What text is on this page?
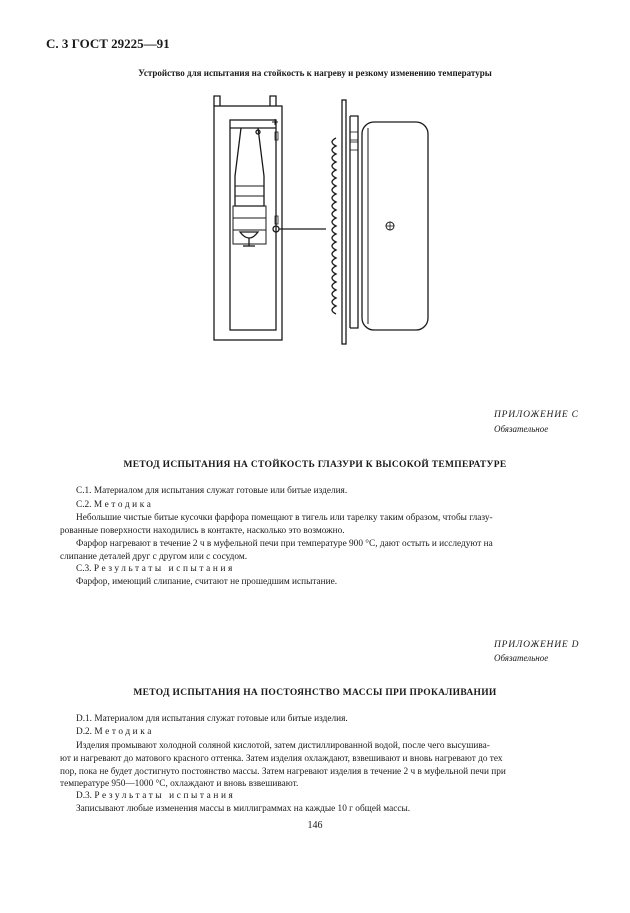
С. 3 ГОСТ 29225—91
Устройство для испытания на стойкость к нагреву и резкому изменению температуры
ПРИЛОЖЕНИЕ С
Обязательное
МЕТОД ИСПЫТАНИЯ НА СТОЙКОСТЬ ГЛАЗУРИ К ВЫСОКОЙ ТЕМПЕРАТУРЕ
С.1. Материалом для испытания служат готовые или битые изделия.
С.2. Методика
Небольшие чистые битые кусочки фарфора помещают в тигель или тарелку таким образом, чтобы глазу-
рованные поверхности находились в контакте, насколько это возможно.
Фарфор нагревают в течение 2 ч в муфельной печи при температуре 900 °С, дают остыть и исследуют на
слипание деталей друг с другом или с сосудом.
С.3. Результаты испытания
Фарфор, имеющий слипание, считают не прошедшим испытание.
ПРИЛОЖЕНИЕ D
Обязательное
МЕТОД ИСПЫТАНИЯ НА ПОСТОЯНСТВО МАССЫ ПРИ ПРОКАЛИВАНИИ
D.1. Материалом для испытания служат готовые или битые изделия.
D.2. Методика
Изделия промывают холодной соляной кислотой, затем дистиллированной водой, после чего высушива-
ют и нагревают до матового красного оттенка. Затем изделия охлаждают, взвешивают и вновь нагревают до тех
пор, пока не будет достигнуто постоянство массы. Затем нагревают изделия в течение 2 ч в муфельной печи при
температуре 950—1000 °С, охлаждают и вновь взвешивают.
D.3. Результаты испытания
Записывают любые изменения массы в миллиграммах на каждые 10 г общей массы.
146
